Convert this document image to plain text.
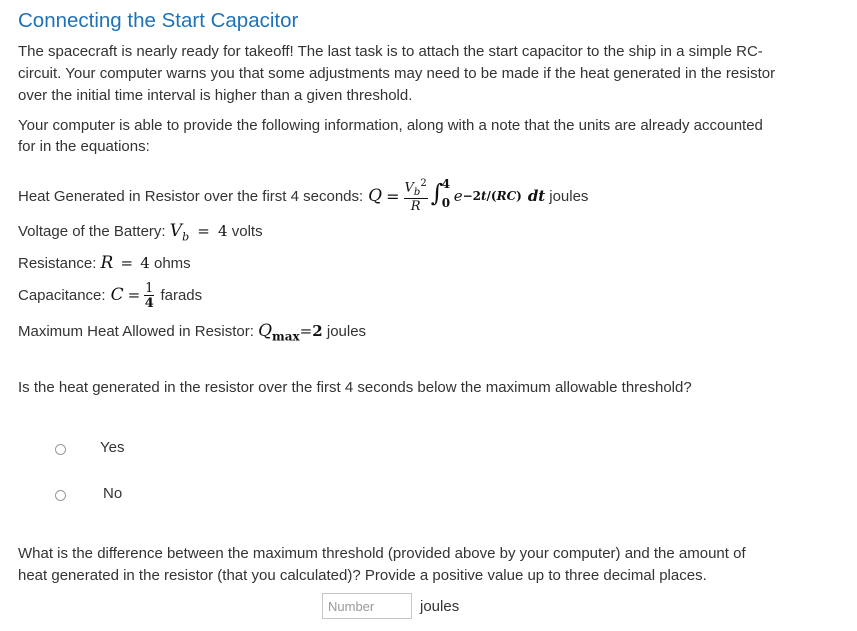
Connecting the Start Capacitor

The spacecraft is nearly ready for takeoff! The last task is to attach the start capacitor to the ship in a simple RC-circuit. Your computer warns you that some adjustments may need to be made if the heat generated in the resistor over the initial time interval is higher than a given threshold.

Your computer is able to provide the following information, along with a note that the units are already accounted for in the equations:

Heat Generated in Resistor over the first 4 seconds: $Q = \frac{V_b^2}{R}$ ∫
4
0 e −2t/(RC) dt joules
Voltage of the Battery: $V_b = 4$ volts
Resistance: R = 4 ohms
Capacitance: $C = \frac{1}{4}$ farads
Maximum Heat Allowed in Resistor: $Q_{max}=2$ joules
Is the heat generated in the resistor over the first 4 seconds below the maximum allowable threshold?
Yes
No

What is the difference between the maximum threshold (provided above by your computer) and the amount of heat generated in the resistor (that you calculated)? Provide a positive value up to three decimal places.

Number
joules
